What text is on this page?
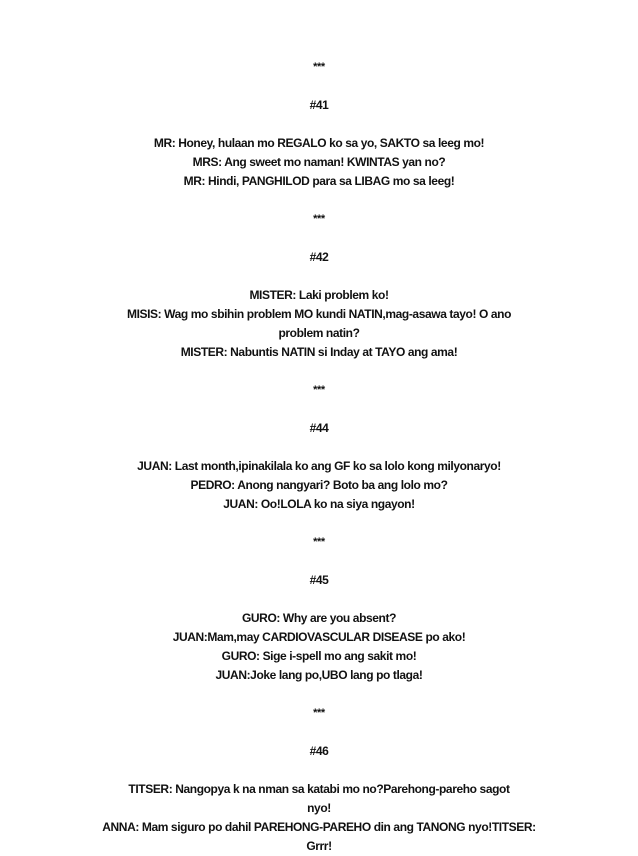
***
#41
MR: Honey, hulaan mo REGALO ko sa yo, SAKTO sa leeg mo!
MRS: Ang sweet mo naman! KWINTAS yan no?
MR: Hindi, PANGHILOD para sa LIBAG mo sa leeg!
***
#42
MISTER: Laki problem ko!
MISIS: Wag mo sbihin problem MO kundi NATIN,mag-asawa tayo! O ano
problem natin?
MISTER: Nabuntis NATIN si Inday at TAYO ang ama!
***
#44
JUAN: Last month,ipinakilala ko ang GF ko sa lolo kong milyonaryo!
PEDRO: Anong nangyari? Boto ba ang lolo mo?
JUAN: Oo!LOLA ko na siya ngayon!
***
#45
GURO: Why are you absent?
JUAN:Mam,may CARDIOVASCULAR DISEASE po ako!
GURO: Sige i-spell mo ang sakit mo!
JUAN:Joke lang po,UBO lang po tlaga!
***
#46
TITSER: Nangopya k na nman sa katabi mo no?Parehong-pareho sagot
nyo!
ANNA: Mam siguro po dahil PAREHONG-PAREHO din ang TANONG nyo!TITSER:
Grrr!
